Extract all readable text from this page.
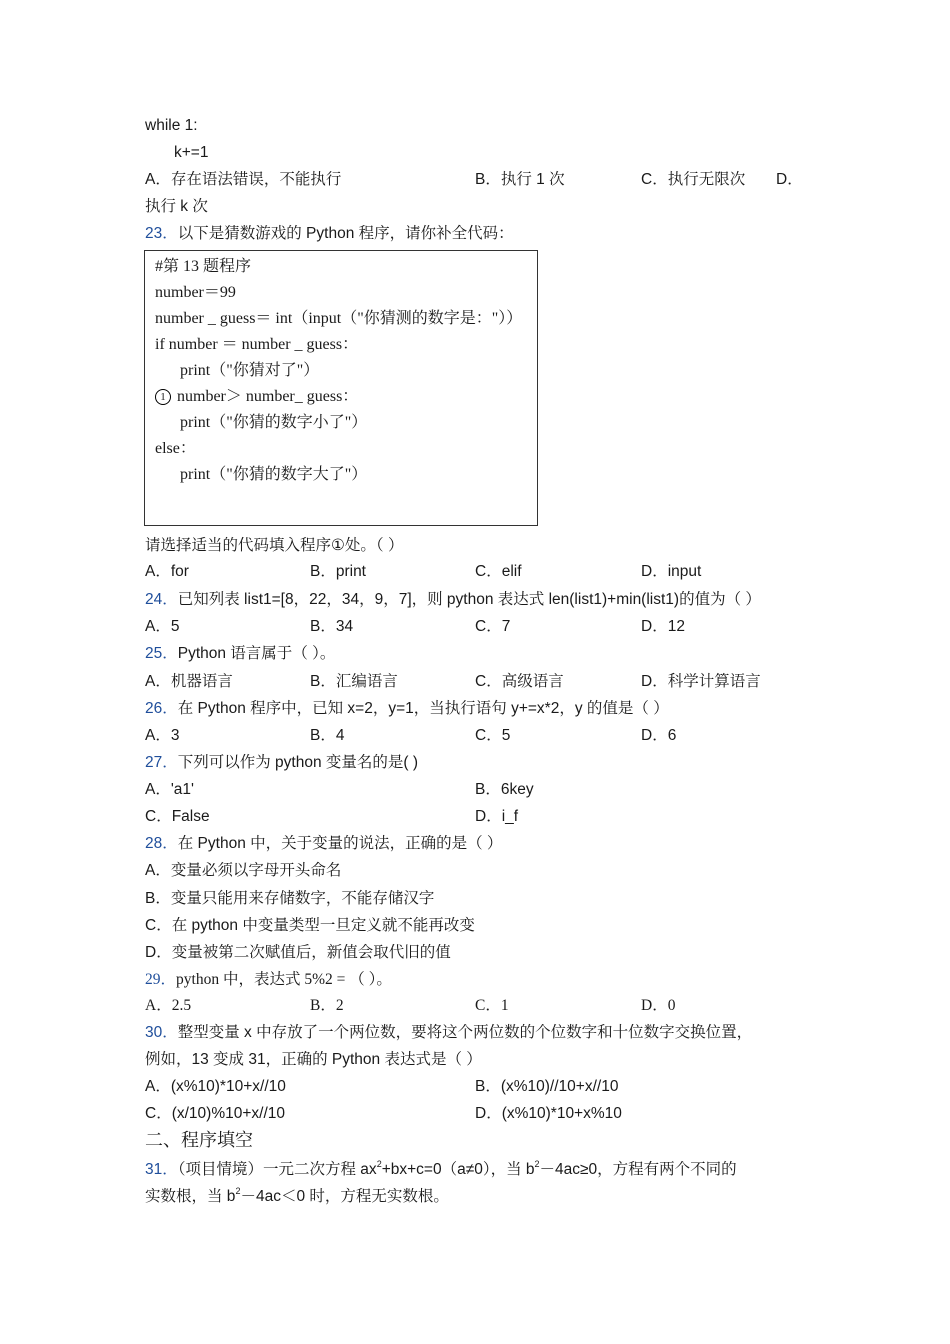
while 1:
k+=1
A．存在语法错误，不能执行	B．执行 1 次	C．执行无限次 D．
执行 k 次
23．以下是猜数游戏的 Python 程序，请你补全代码：
#第 13 题程序
number＝99
number _ guess＝ int（input（"你猜测的数字是："））
if number ＝ number _ guess：
print（"你猜对了"）
1 number＞ number_ guess：
print（"你猜的数字小了"）
else：
print（"你猜的数字大了"）
请选择适当的代码填入程序①处。（ ）
A．for	B．print	C．elif	D．input
24．已知列表 list1=[8，22，34，9，7]，则 python 表达式 len(list1)+min(list1)的值为（ ）
A．5	B．34	C．7	D．12
25．Python 语言属于（ ）。
A．机器语言	B．汇编语言	C．高级语言	D．科学计算语言
26．在 Python 程序中，已知 x=2，y=1，当执行语句 y+=x*2，y 的值是（ ）
A．3	B．4	C．5	D．6
27．下列可以作为 python 变量名的是( )
A．'a1'	B．6key
C．False	D．i_f
28．在 Python 中，关于变量的说法，正确的是（ ）
A．变量必须以字母开头命名
B．变量只能用来存储数字，不能存储汉字
C．在 python 中变量类型一旦定义就不能再改变
D．变量被第二次赋值后，新值会取代旧的值
29．python 中，表达式 5%2 = （ ）。
A．2.5	B．2	C．1	D．0
30．整型变量 x 中存放了一个两位数，要将这个两位数的个位数字和十位数字交换位置，
例如，13 变成 31，正确的 Python 表达式是（ ）
A．(x%10)*10+x//10	B．(x%10)//10+x//10
C．(x/10)%10+x//10	D．(x%10)*10+x%10
二、程序填空
31．（项目情境）一元二次方程 $ax^2+bx+c=0(a\ne 0)$，当 $b^2-4ac\ge 0$，方程有两个不同的
实数根，当 $b^2-4ac<0$ 时，方程无实数根。
